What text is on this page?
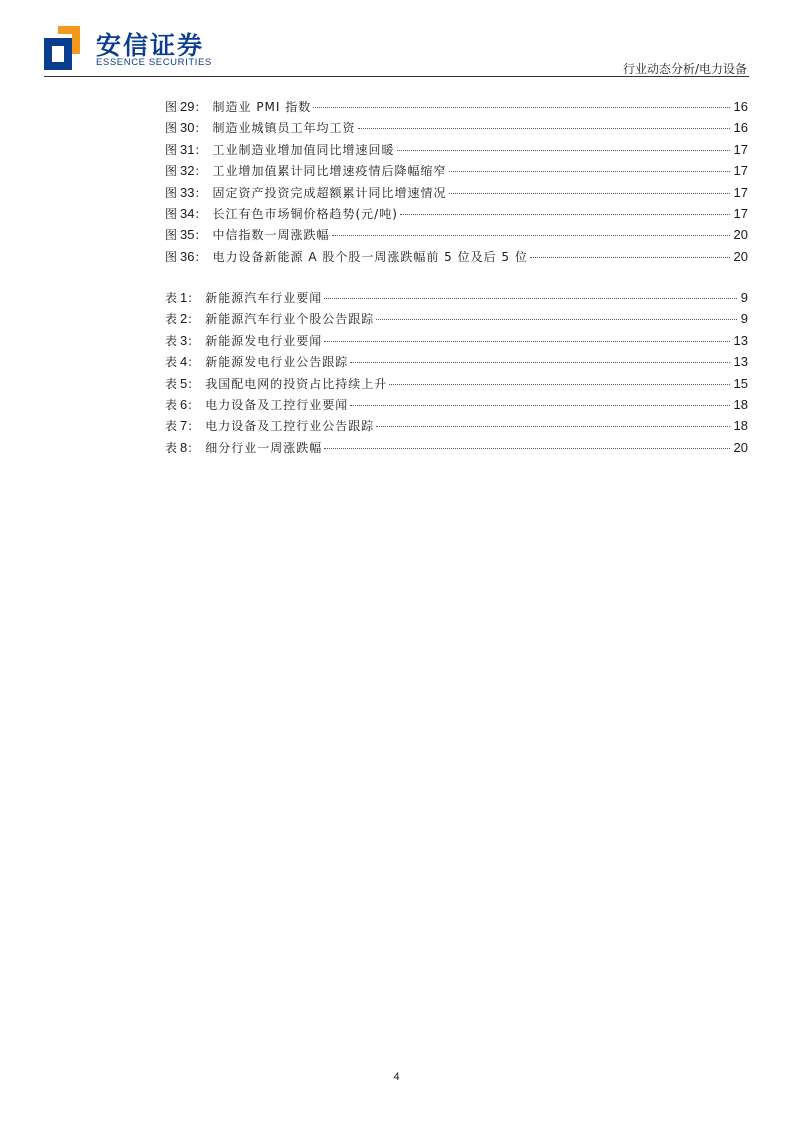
安信证券
ESSENCE SECURITIES	行业动态分析/电力设备
图 29 ： 制造业 PMI 指数	16
图 30 ： 制造业城镇员工年均工资	16
图 31 ： 工业制造业增加值同比增速回暖	17
图 32 ： 工业增加值累计同比增速疫情后降幅缩窄	17
图 33 ： 固定资产投资完成超额累计同比增速情况	17
图 34 ： 长江有色市场铜价格趋势(元/吨)	17
图 35 ： 中信指数一周涨跌幅	20
图 36 ： 电力设备新能源 A 股个股一周涨跌幅前 5 位及后 5 位	20
表 1 ： 新能源汽车行业要闻	9
表 2 ： 新能源汽车行业个股公告跟踪	9
表 3 ： 新能源发电行业要闻	13
表 4 ： 新能源发电行业公告跟踪	13
表 5 ： 我国配电网的投资占比持续上升	15
表 6 ： 电力设备及工控行业要闻	18
表 7 ： 电力设备及工控行业公告跟踪	18
表 8 ： 细分行业一周涨跌幅	20
4
